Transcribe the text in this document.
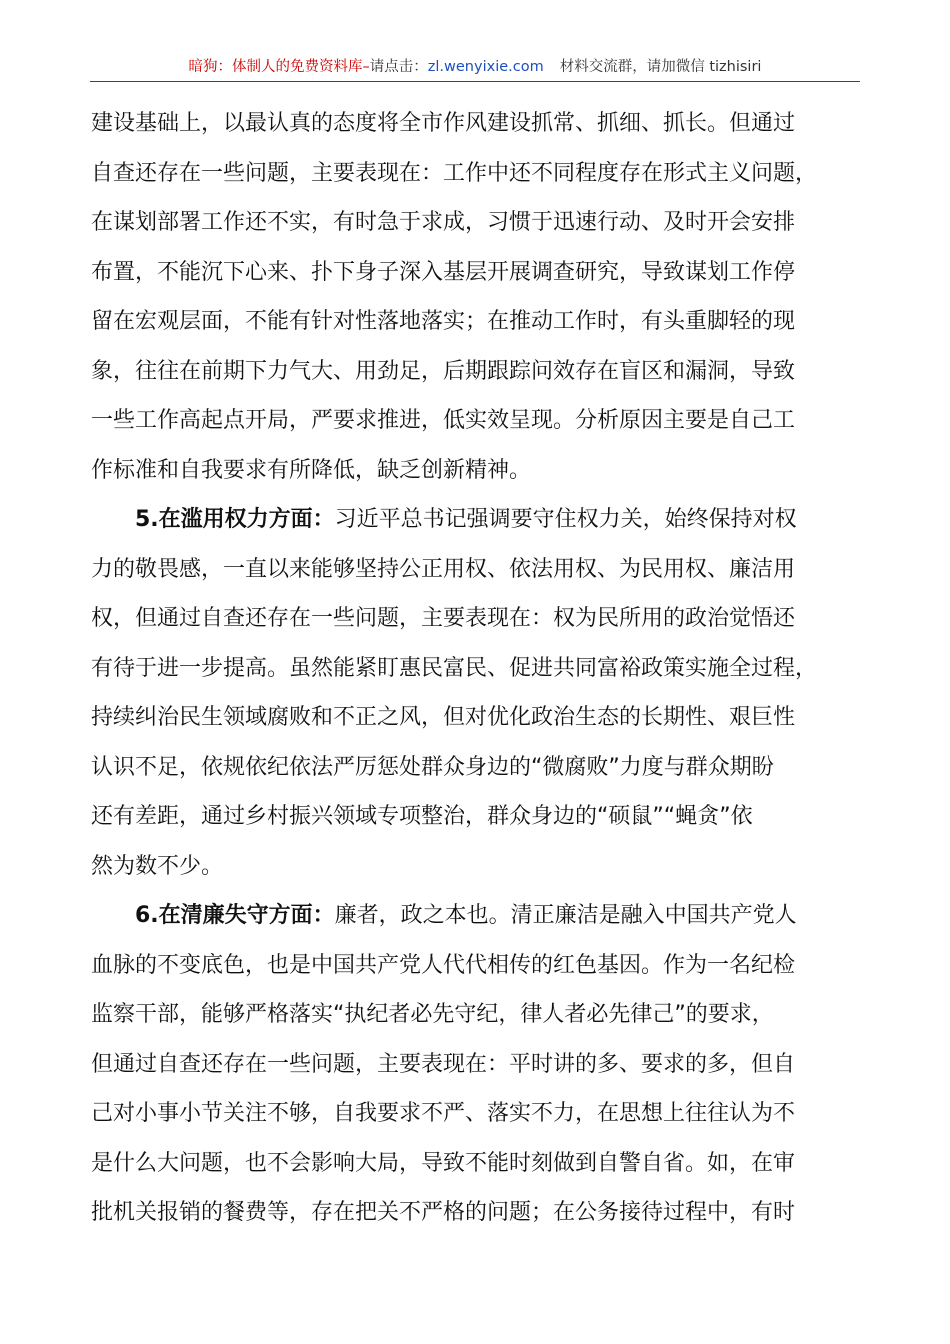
暗狗：体制人的免费资料库–请点击：zl.wenyixie.com 材料交流群，请加微信 tizhisiri
建设基础上，以最认真的态度将全市作风建设抓常、抓细、抓长。但通过
自查还存在一些问题，主要表现在：工作中还不同程度存在形式主义问题，
在谋划部署工作还不实，有时急于求成，习惯于迅速行动、及时开会安排
布置，不能沉下心来、扑下身子深入基层开展调查研究，导致谋划工作停
留在宏观层面，不能有针对性落地落实；在推动工作时，有头重脚轻的现
象，往往在前期下力气大、用劲足，后期跟踪问效存在盲区和漏洞，导致
一些工作高起点开局，严要求推进，低实效呈现。分析原因主要是自己工
作标准和自我要求有所降低，缺乏创新精神。
5.在滥用权力方面：习近平总书记强调要守住权力关，始终保持对权
力的敬畏感，一直以来能够坚持公正用权、依法用权、为民用权、廉洁用
权，但通过自查还存在一些问题，主要表现在：权为民所用的政治觉悟还
有待于进一步提高。虽然能紧盯惠民富民、促进共同富裕政策实施全过程，
持续纠治民生领域腐败和不正之风，但对优化政治生态的长期性、艰巨性
认识不足，依规依纪依法严厉惩处群众身边的“微腐败”力度与群众期盼
还有差距，通过乡村振兴领域专项整治，群众身边的“硕鼠”“蝇贪”依
然为数不少。
6.在清廉失守方面：廉者，政之本也。清正廉洁是融入中国共产党人
血脉的不变底色，也是中国共产党人代代相传的红色基因。作为一名纪检
监察干部，能够严格落实“执纪者必先守纪，律人者必先律己”的要求，
但通过自查还存在一些问题，主要表现在：平时讲的多、要求的多，但自
己对小事小节关注不够，自我要求不严、落实不力，在思想上往往认为不
是什么大问题，也不会影响大局，导致不能时刻做到自警自省。如，在审
批机关报销的餐费等，存在把关不严格的问题；在公务接待过程中，有时
